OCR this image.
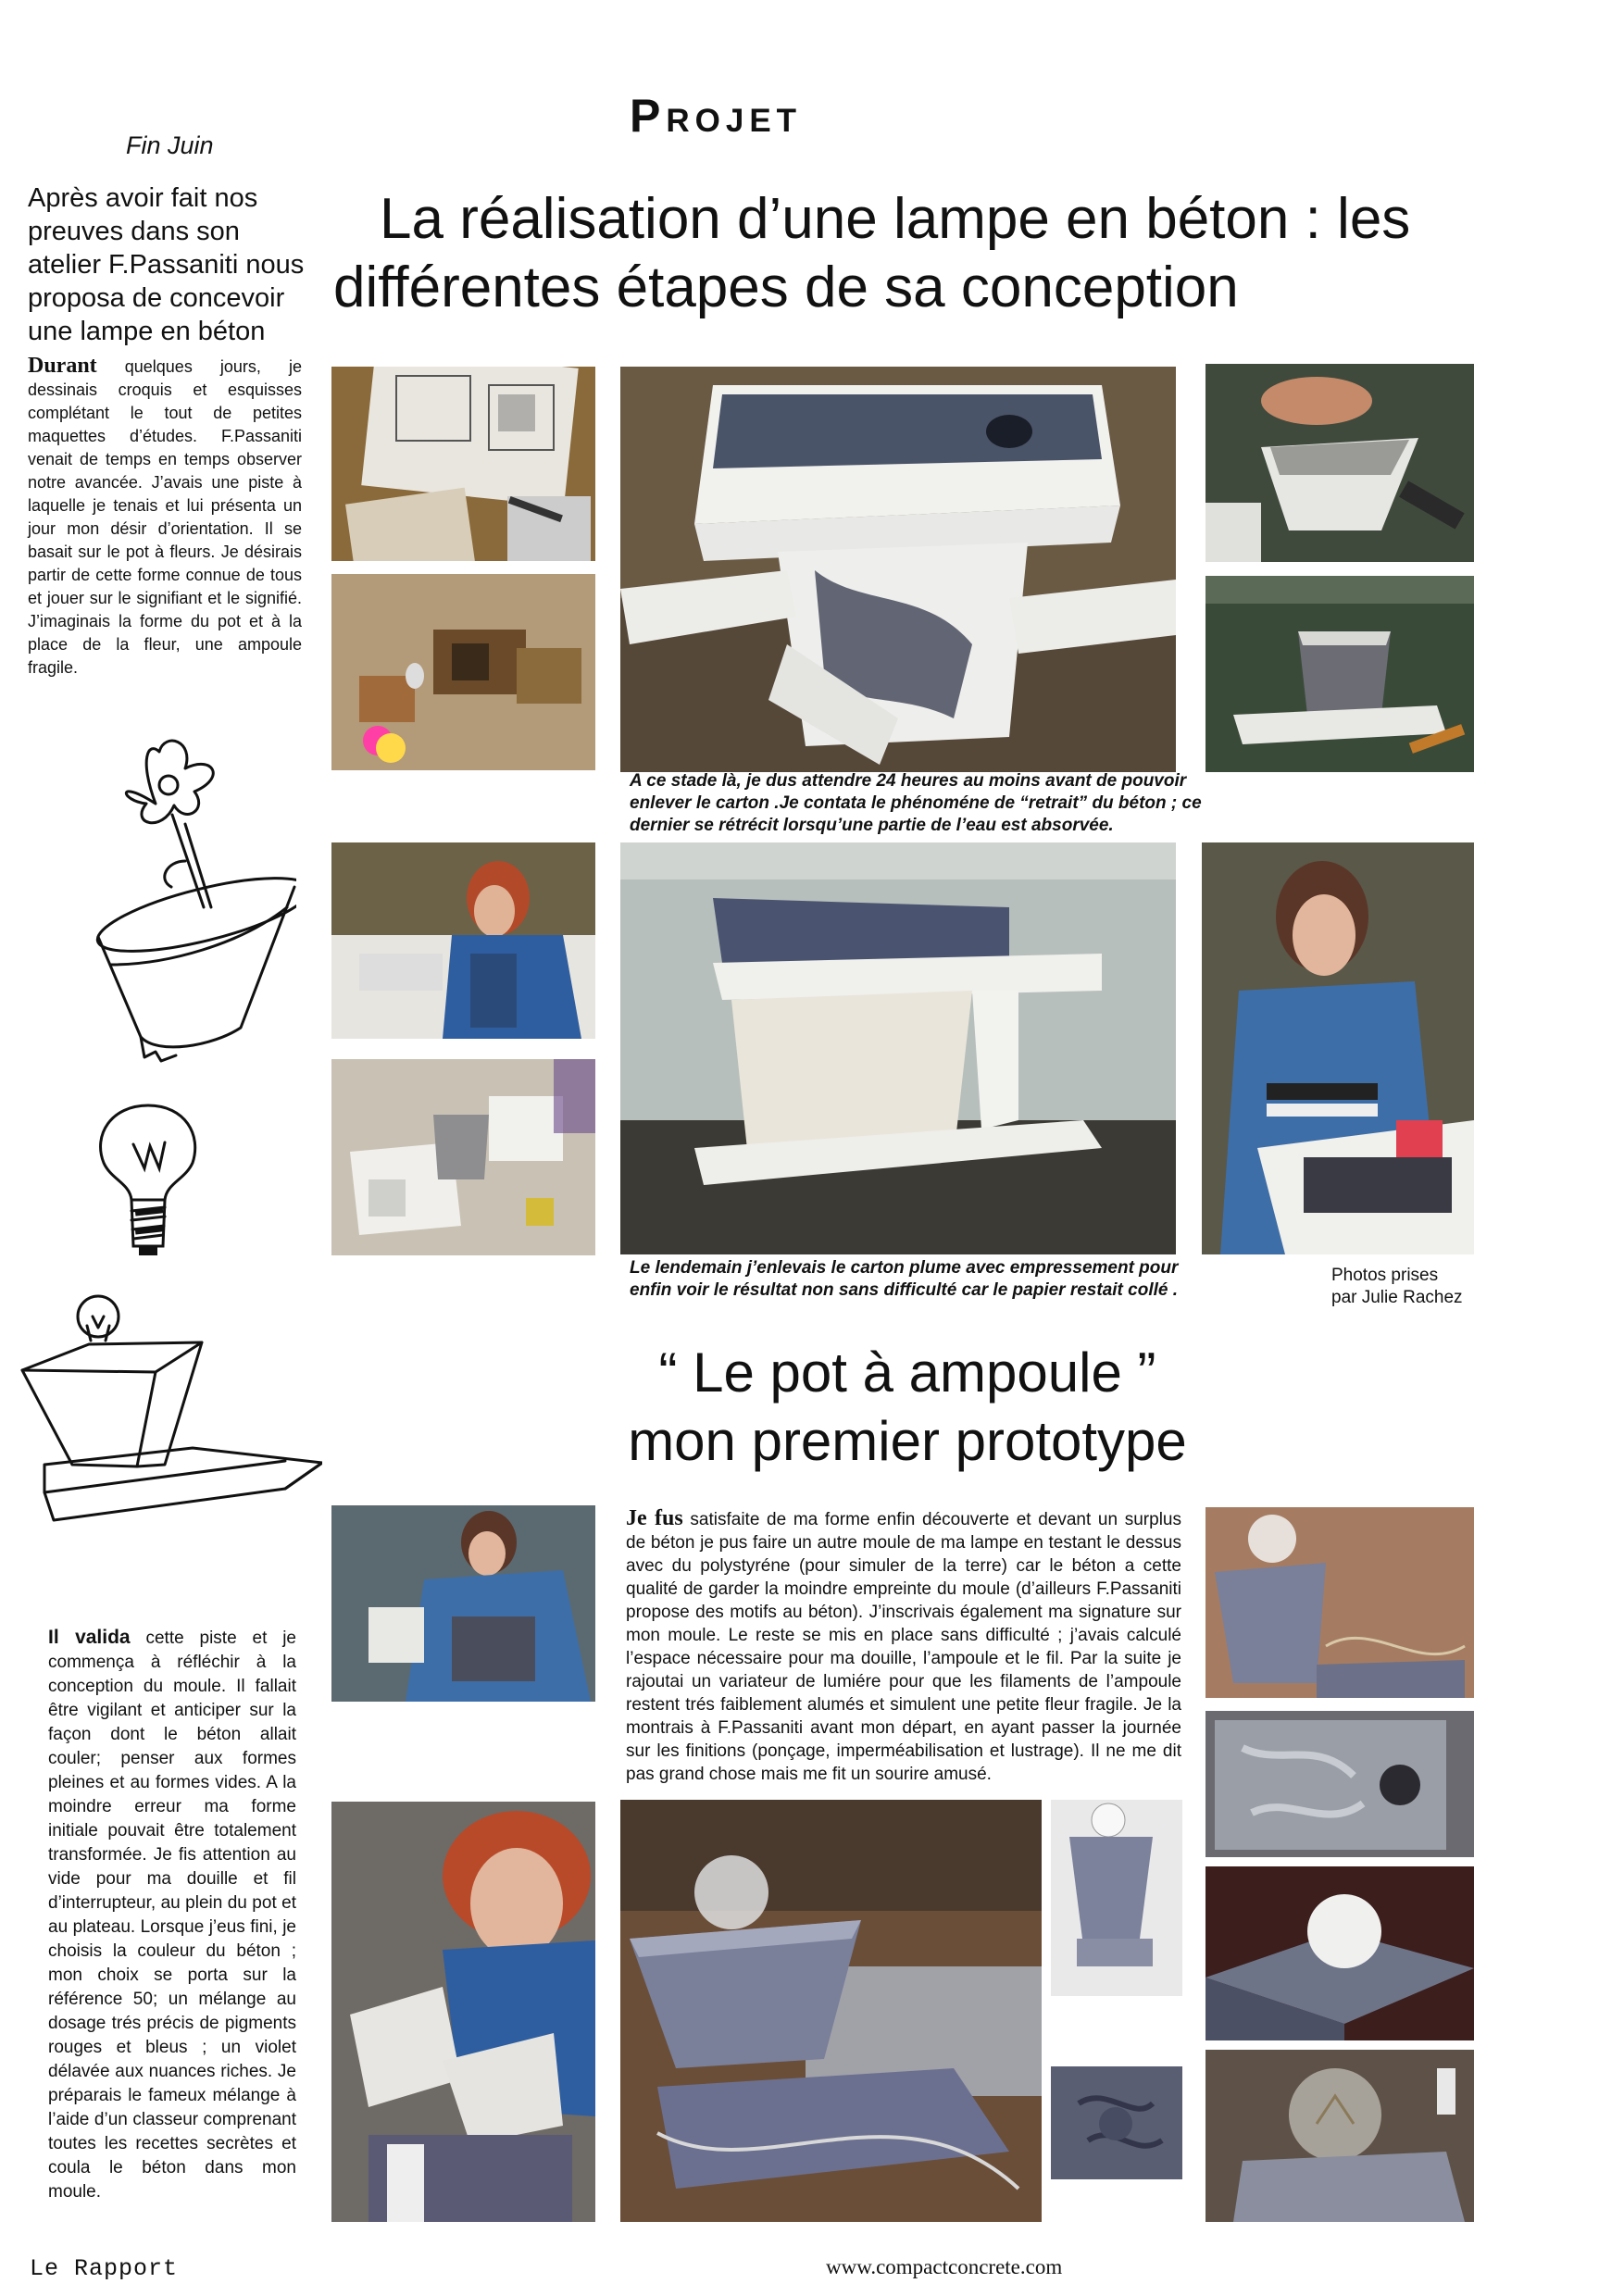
Projet
Fin Juin
Après avoir fait nos preuves dans son atelier F.Passaniti nous proposa de concevoir une lampe en béton
La réalisation d’une lampe en béton : les
différentes étapes de sa conception
Durant quelques jours, je dessinais croquis et esquisses complétant le tout de petites maquettes d’études. F.Passaniti venait de temps en temps observer notre avancée. J’avais une piste à laquelle je tenais et lui présenta un jour mon désir d’orientation. Il se basait sur le pot à fleurs. Je désirais partir de cette forme connue de tous et jouer sur le signifiant et le signifié. J’imaginais la forme du pot et à la place de la fleur, une ampoule fragile.
Il valida cette piste et je commença à réfléchir à la conception du moule. Il fallait être vigilant et anticiper sur la façon dont le béton allait couler; penser aux formes pleines et au formes vides. A la moindre erreur ma forme initiale pouvait être totalement transformée. Je fis attention au vide pour ma douille et fil d’interrupteur, au plein du pot et au plateau. Lorsque j’eus fini, je choisis la couleur du béton ; mon choix se porta sur la référence 50; un mélange au dosage trés précis de pigments rouges et bleus ; un violet délavée aux nuances riches. Je préparais le fameux mélange à l’aide d’un classeur comprenant toutes les recettes secrètes et coula le béton dans mon moule.
A ce stade là, je dus attendre 24 heures au moins avant de pouvoir enlever le carton .Je contata le phénoméne de “retrait” du béton ; ce dernier se rétrécit lorsqu’une partie de l’eau est absorvée.
Le lendemain j’enlevais le carton plume avec empressement pour enfin voir le résultat non sans difficulté car le papier restait collé .
Photos prises
par Julie Rachez
“ Le pot à ampoule ”
mon premier prototype
Je fus satisfaite de ma forme enfin découverte et devant un surplus de béton je pus faire un autre moule de ma lampe en testant le dessus avec du polystyréne (pour simuler de la terre) car le béton a cette qualité de garder la moindre empreinte du moule (d’ailleurs F.Passaniti propose des motifs au béton). J’inscrivais également ma signature sur mon moule. Le reste se mis en place sans difficulté ; j’avais calculé l’espace nécessaire pour ma douille, l’ampoule et le fil. Par la suite je rajoutai un variateur de lumiére pour que les filaments de l’ampoule restent trés faiblement alumés et simulent une petite fleur fragile. Je la montrais à F.Passaniti avant mon départ, en ayant passer la journée sur les finitions (ponçage, imperméabilisation et lustrage). Il ne me dit pas grand chose mais me fit un sourire amusé.
Le Rapport	www.compactconcrete.com
